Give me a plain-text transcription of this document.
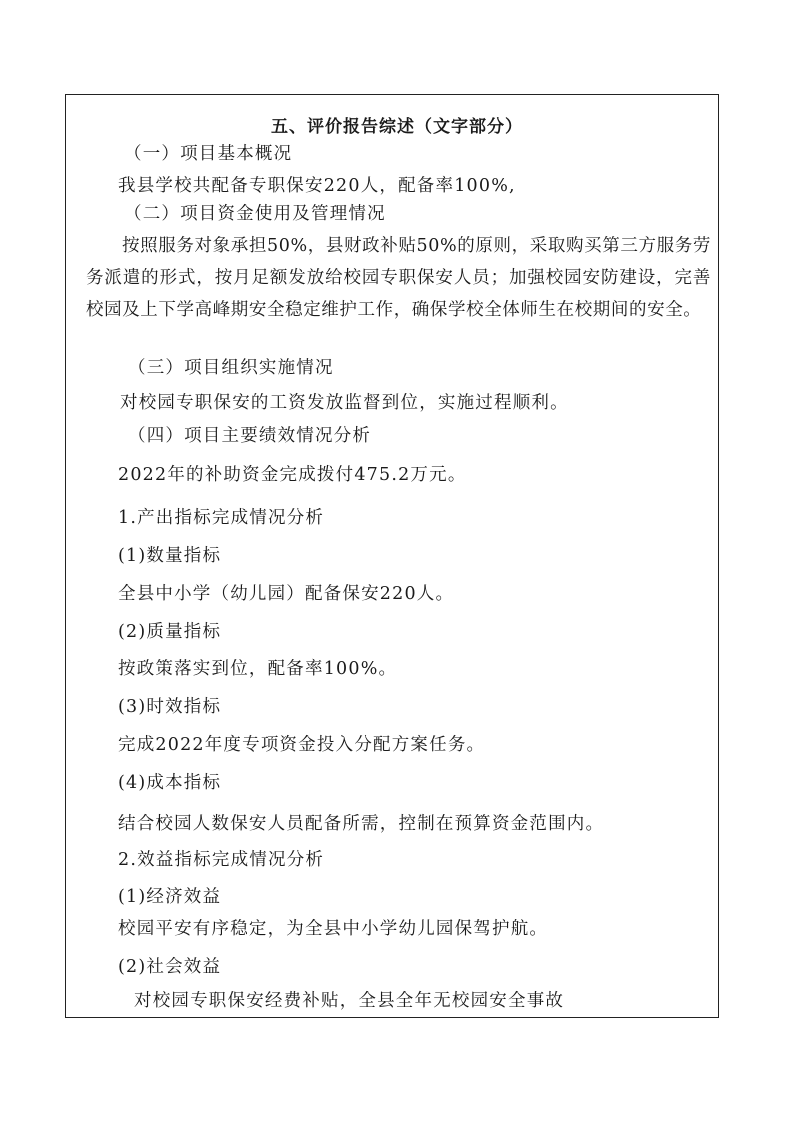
五、评价报告综述（文字部分）
（一）项目基本概况
我县学校共配备专职保安220人，配备率100%,
（二）项目资金使用及管理情况
按照服务对象承担50%，县财政补贴50%的原则，采取购买第三方服务劳务派遣的形式，按月足额发放给校园专职保安人员；加强校园安防建设，完善校园及上下学高峰期安全稳定维护工作，确保学校全体师生在校期间的安全。
（三）项目组织实施情况
对校园专职保安的工资发放监督到位，实施过程顺利。
（四）项目主要绩效情况分析
2022年的补助资金完成拨付475.2万元。
1.产出指标完成情况分析
(1)数量指标
全县中小学（幼儿园）配备保安220人。
(2)质量指标
按政策落实到位，配备率100%。
(3)时效指标
完成2022年度专项资金投入分配方案任务。
(4)成本指标
结合校园人数保安人员配备所需，控制在预算资金范围内。
2.效益指标完成情况分析
(1)经济效益
校园平安有序稳定，为全县中小学幼儿园保驾护航。
(2)社会效益
对校园专职保安经费补贴，全县全年无校园安全事故
